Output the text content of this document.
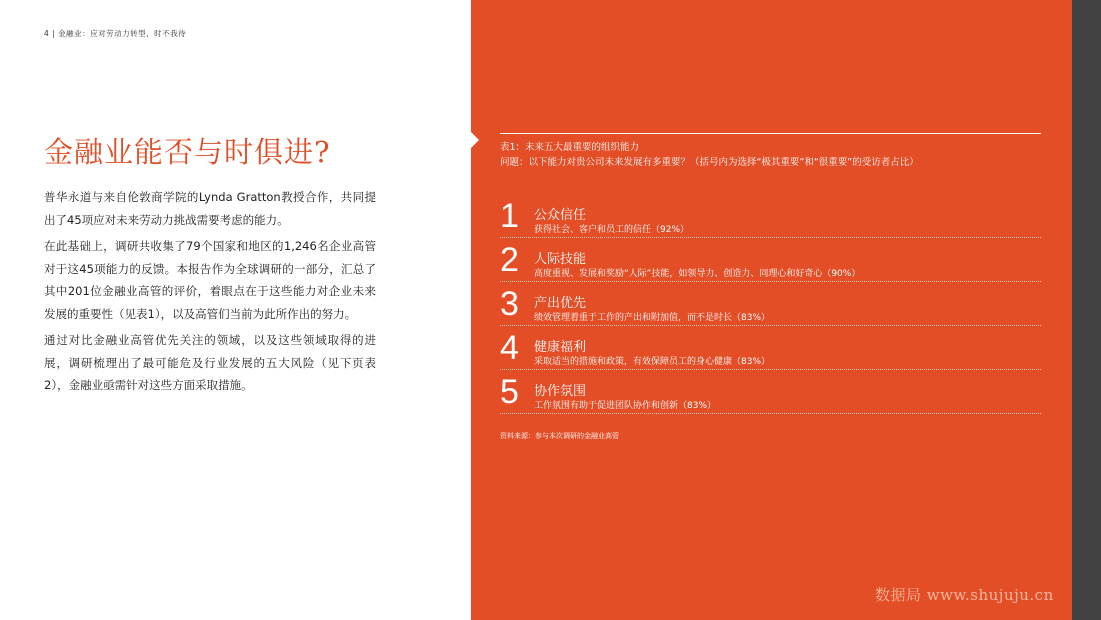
4 | 金融业：应对劳动力转型，时不我待
金融业能否与时俱进?

普华永道与来自伦敦商学院的Lynda Gratton教授合作，共同提出了45项应对未来劳动力挑战需要考虑的能力。

在此基础上，调研共收集了79个国家和地区的1,246名企业高管对于这45项能力的反馈。本报告作为全球调研的一部分，汇总了其中201位金融业高管的评价，着眼点在于这些能力对企业未来发展的重要性（见表1），以及高管们当前为此所作出的努力。

通过对比金融业高管优先关注的领域，以及这些领域取得的进展，调研梳理出了最可能危及行业发展的五大风险（见下页表2），金融业亟需针对这些方面采取措施。

表1：未来五大最重要的组织能力
问题：以下能力对贵公司未来发展有多重要？（括号内为选择“极其重要”和“很重要”的受访者占比）
1 公众信任
获得社会、客户和员工的信任（92%）
2 人际技能
高度重视、发展和奖励“人际”技能，如领导力、创造力、同理心和好奇心（90%）
3 产出优先
绩效管理着重于工作的产出和附加值，而不是时长（83%）
4 健康福利
采取适当的措施和政策，有效保障员工的身心健康（83%）
5 协作氛围
工作氛围有助于促进团队协作和创新（83%）
资料来源：参与本次调研的金融业高管
数据局 www.shujuju.cn
